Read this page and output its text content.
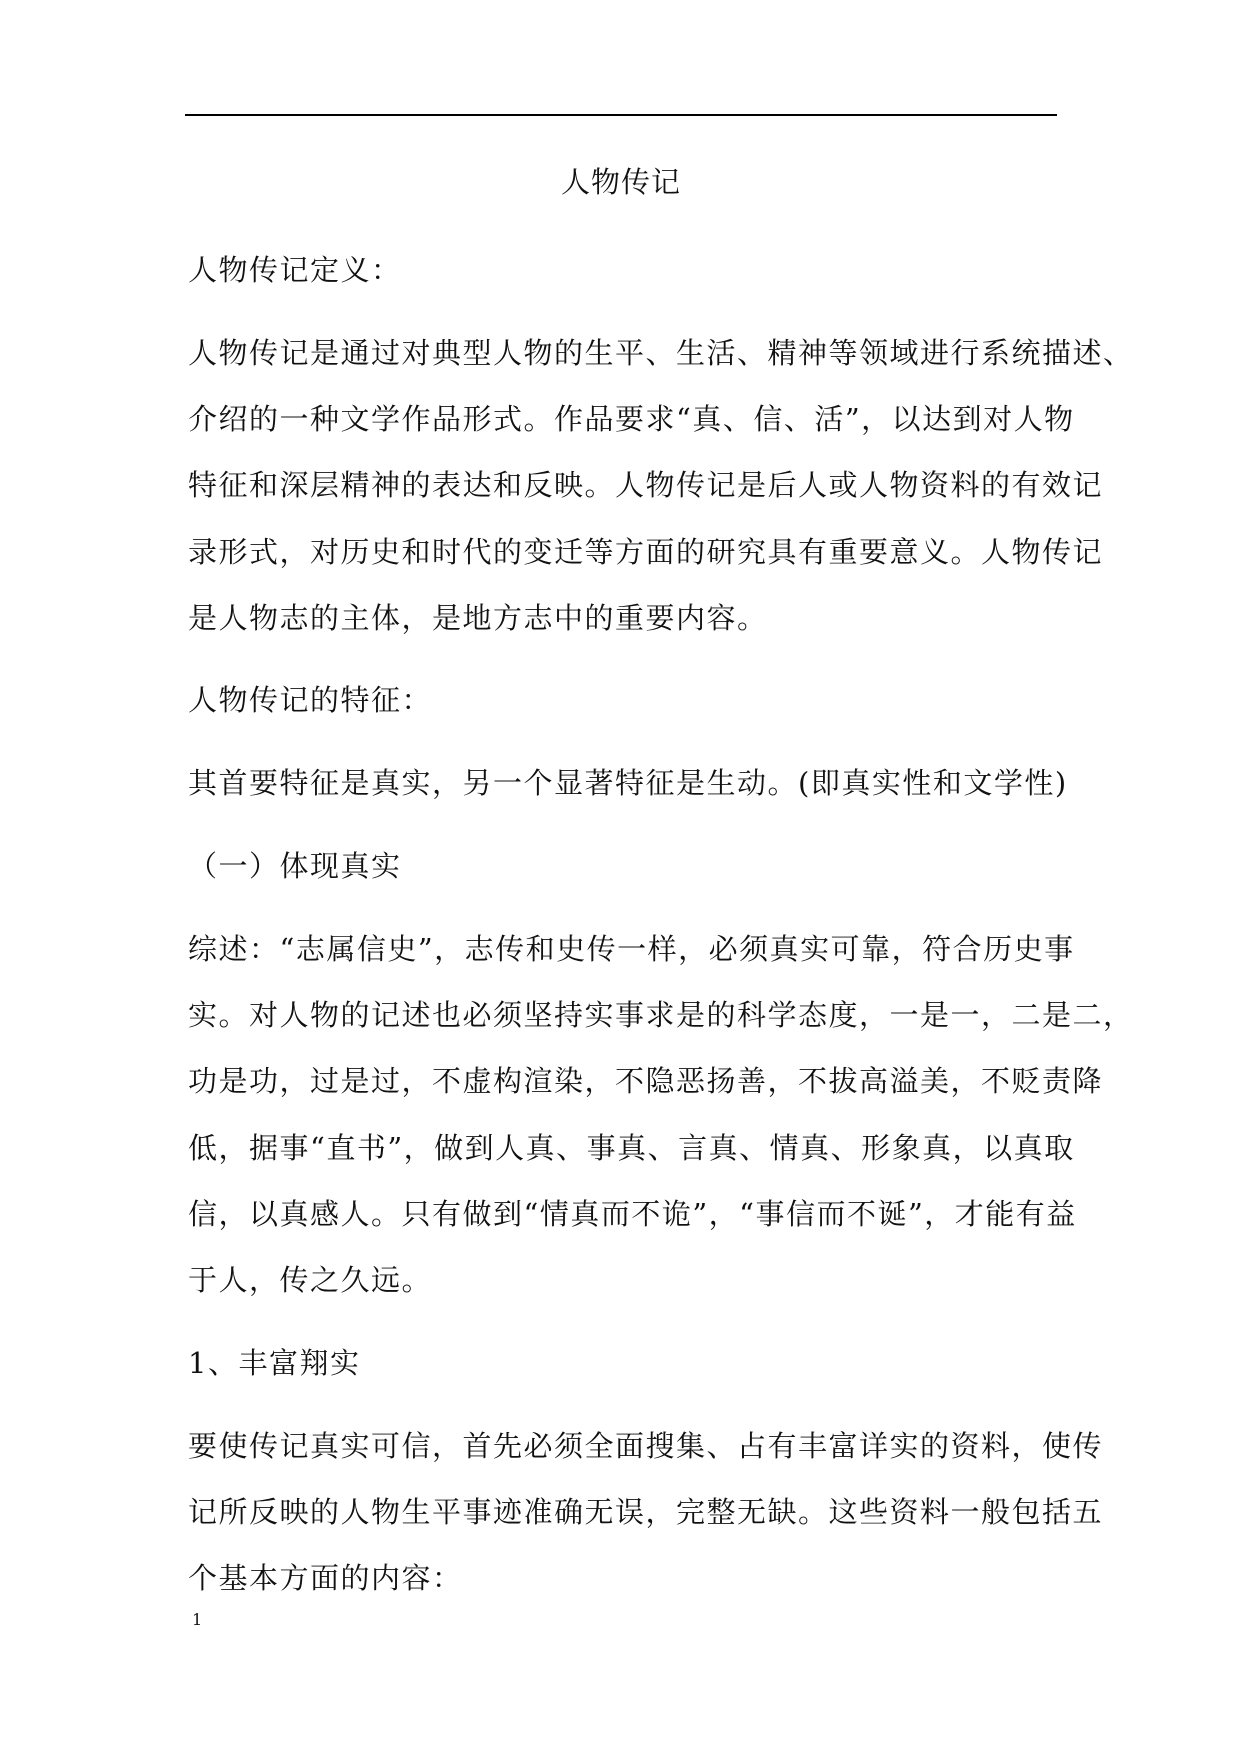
人物传记
人物传记定义：
人物传记是通过对典型人物的生平、生活、精神等领域进行系统描述、
介绍的一种文学作品形式。作品要求“真、信、活”，以达到对人物
特征和深层精神的表达和反映。人物传记是后人或人物资料的有效记
录形式，对历史和时代的变迁等方面的研究具有重要意义。人物传记
是人物志的主体，是地方志中的重要内容。
人物传记的特征：
其首要特征是真实，另一个显著特征是生动。(即真实性和文学性)
（一）体现真实
综述：“志属信史”，志传和史传一样，必须真实可靠，符合历史事
实。对人物的记述也必须坚持实事求是的科学态度，一是一，二是二，
功是功，过是过，不虚构渲染，不隐恶扬善，不拔高溢美，不贬责降
低，据事“直书”，做到人真、事真、言真、情真、形象真，以真取
信，以真感人。只有做到“情真而不诡”，“事信而不诞”，才能有益
于人，传之久远。
1、丰富翔实
要使传记真实可信，首先必须全面搜集、占有丰富详实的资料，使传
记所反映的人物生平事迹准确无误，完整无缺。这些资料一般包括五
个基本方面的内容：
1
